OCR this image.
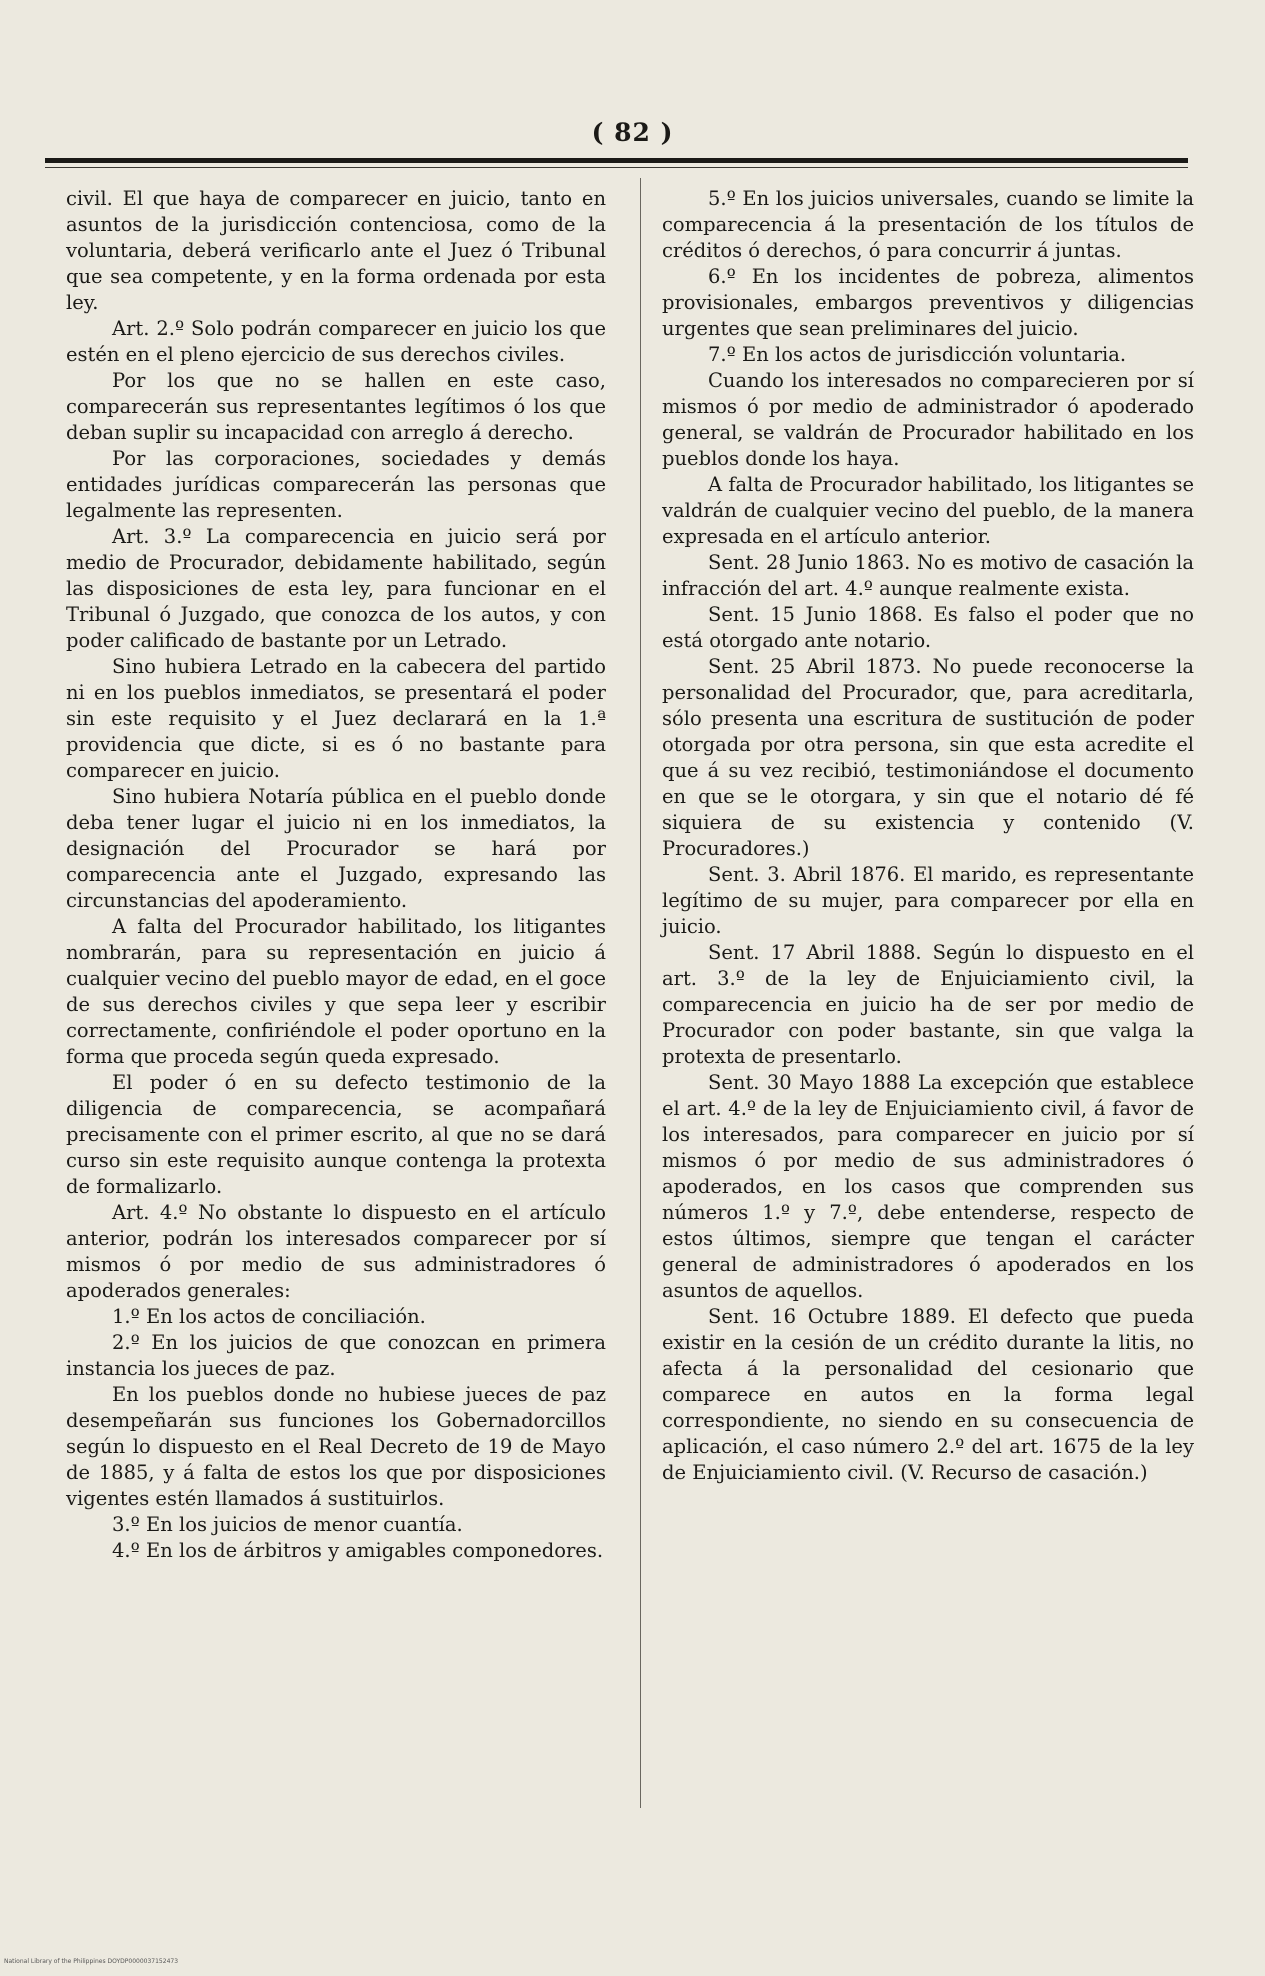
( 82 )

civil. El que haya de comparecer en juicio, tanto en asuntos de la jurisdicción contenciosa, como de la voluntaria, deberá verificarlo ante el Juez ó Tribunal que sea competente, y en la forma ordenada por esta ley.

Art. 2.º Solo podrán comparecer en juicio los que estén en el pleno ejercicio de sus derechos civiles.

Por los que no se hallen en este caso, comparecerán sus representantes legítimos ó los que deban suplir su incapacidad con arreglo á derecho.

Por las corporaciones, sociedades y demás entidades jurídicas comparecerán las personas que legalmente las representen.

Art. 3.º La comparecencia en juicio será por medio de Procurador, debidamente habilitado, según las disposiciones de esta ley, para funcionar en el Tribunal ó Juzgado, que conozca de los autos, y con poder calificado de bastante por un Letrado.

Sino hubiera Letrado en la cabecera del partido ni en los pueblos inmediatos, se presentará el poder sin este requisito y el Juez declarará en la 1.ª providencia que dicte, si es ó no bastante para comparecer en juicio.

Sino hubiera Notaría pública en el pueblo donde deba tener lugar el juicio ni en los inmediatos, la designación del Procurador se hará por comparecencia ante el Juzgado, expresando las circunstancias del apoderamiento.

A falta del Procurador habilitado, los litigantes nombrarán, para su representación en juicio á cualquier vecino del pueblo mayor de edad, en el goce de sus derechos civiles y que sepa leer y escribir correctamente, confiriéndole el poder oportuno en la forma que proceda según queda expresado.

El poder ó en su defecto testimonio de la diligencia de comparecencia, se acompañará precisamente con el primer escrito, al que no se dará curso sin este requisito aunque contenga la protexta de formalizarlo.

Art. 4.º No obstante lo dispuesto en el artículo anterior, podrán los interesados comparecer por sí mismos ó por medio de sus administradores ó apoderados generales:

1.º En los actos de conciliación.

2.º En los juicios de que conozcan en primera instancia los jueces de paz.

En los pueblos donde no hubiese jueces de paz desempeñarán sus funciones los Gobernadorcillos según lo dispuesto en el Real Decreto de 19 de Mayo de 1885, y á falta de estos los que por disposiciones vigentes estén llamados á sustituirlos.

3.º En los juicios de menor cuantía.

4.º En los de árbitros y amigables componedores.

5.º En los juicios universales, cuando se limite la comparecencia á la presentación de los títulos de créditos ó derechos, ó para concurrir á juntas.

6.º En los incidentes de pobreza, alimentos provisionales, embargos preventivos y diligencias urgentes que sean preliminares del juicio.

7.º En los actos de jurisdicción voluntaria.

Cuando los interesados no comparecieren por sí mismos ó por medio de administrador ó apoderado general, se valdrán de Procurador habilitado en los pueblos donde los haya.

A falta de Procurador habilitado, los litigantes se valdrán de cualquier vecino del pueblo, de la manera expresada en el artículo anterior.

Sent. 28 Junio 1863. No es motivo de casación la infracción del art. 4.º aunque realmente exista.

Sent. 15 Junio 1868. Es falso el poder que no está otorgado ante notario.

Sent. 25 Abril 1873. No puede reconocerse la personalidad del Procurador, que, para acreditarla, sólo presenta una escritura de sustitución de poder otorgada por otra persona, sin que esta acredite el que á su vez recibió, testimoniándose el documento en que se le otorgara, y sin que el notario dé fé siquiera de su existencia y contenido (V. Procuradores.)

Sent. 3. Abril 1876. El marido, es representante legítimo de su mujer, para comparecer por ella en juicio.

Sent. 17 Abril 1888. Según lo dispuesto en el art. 3.º de la ley de Enjuiciamiento civil, la comparecencia en juicio ha de ser por medio de Procurador con poder bastante, sin que valga la protexta de presentarlo.

Sent. 30 Mayo 1888 La excepción que establece el art. 4.º de la ley de Enjuiciamiento civil, á favor de los interesados, para comparecer en juicio por sí mismos ó por medio de sus administradores ó apoderados, en los casos que comprenden sus números 1.º y 7.º, debe entenderse, respecto de estos últimos, siempre que tengan el carácter general de administradores ó apoderados en los asuntos de aquellos.

Sent. 16 Octubre 1889. El defecto que pueda existir en la cesión de un crédito durante la litis, no afecta á la personalidad del cesionario que comparece en autos en la forma legal correspondiente, no siendo en su consecuencia de aplicación, el caso número 2.º del art. 1675 de la ley de Enjuiciamiento civil. (V. Recurso de casación.)

National Library of the Philippines DOYDP0000037152473
